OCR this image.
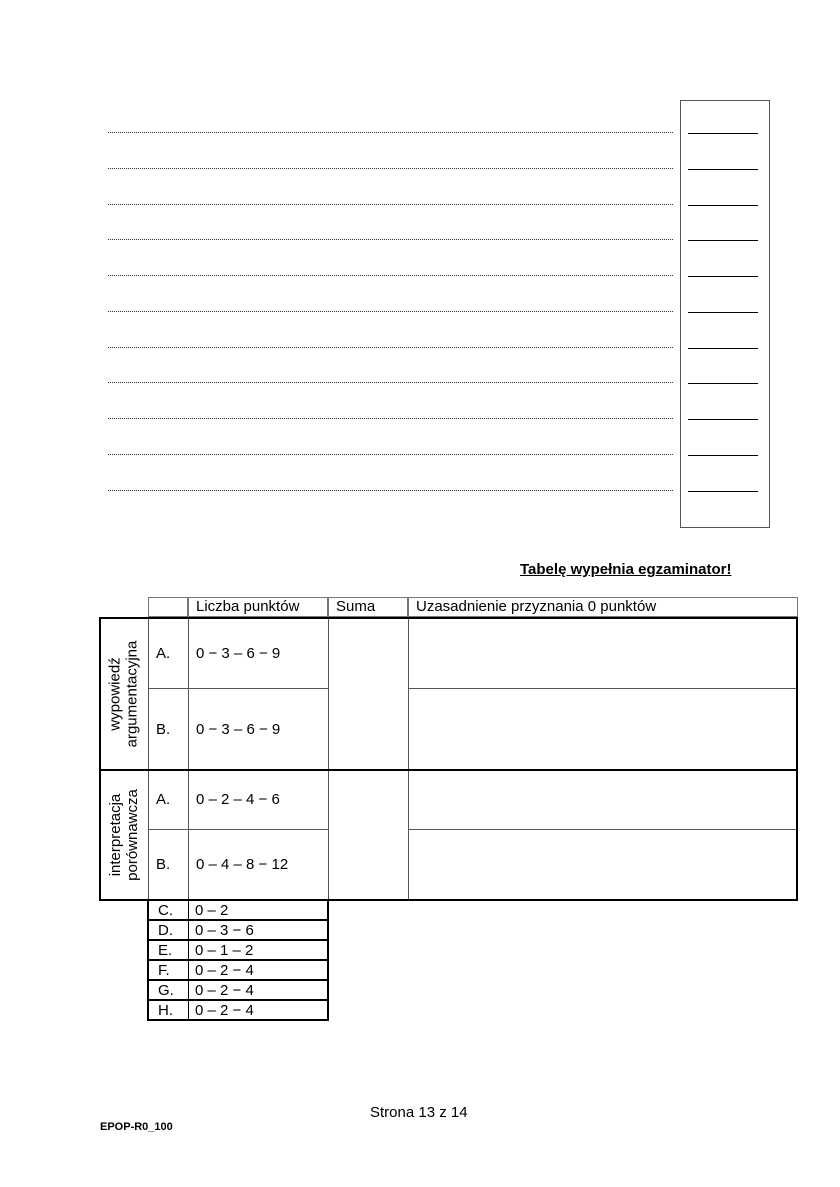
Tabelę wypełnia egzaminator!
Liczba punktów	Suma	Uzasadnienie przyznania 0 punktów
wypowiedź argumentacyjna A. 0 − 3 – 6 − 9
B. 0 − 3 – 6 − 9
interpretacja porównawcza A. 0 – 2 – 4 − 6
B. 0 – 4 – 8 − 12
C. 0 – 2
D. 0 – 3 − 6
E. 0 – 1 – 2
F. 0 – 2 − 4
G. 0 – 2 − 4
H. 0 – 2 − 4
Strona 13 z 14
EPOP-R0_100
